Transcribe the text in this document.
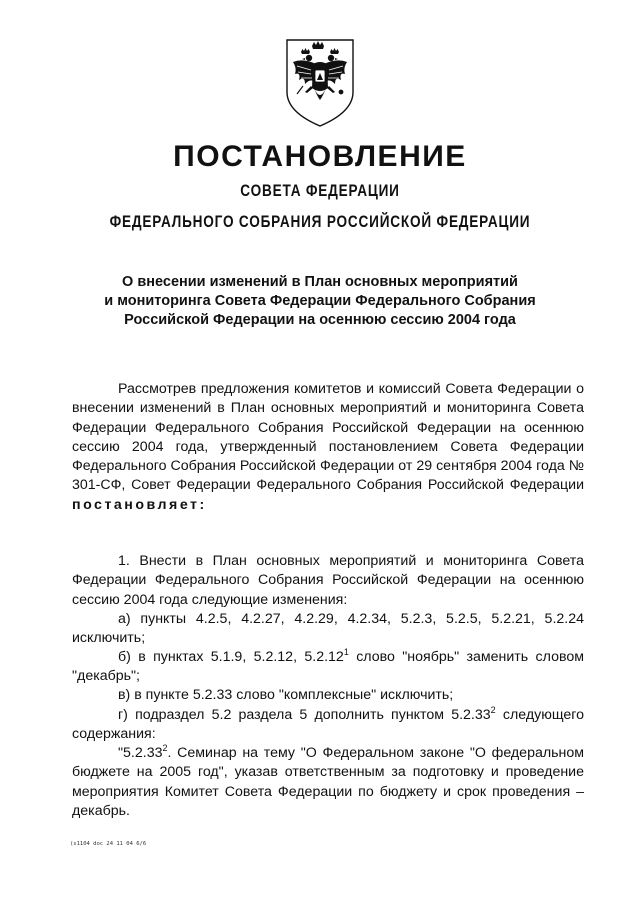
ПОСТАНОВЛЕНИЕ
СОВЕТА ФЕДЕРАЦИИ
ФЕДЕРАЛЬНОГО СОБРАНИЯ РОССИЙСКОЙ ФЕДЕРАЦИИ
О внесении изменений в План основных мероприятий
и мониторинга Совета Федерации Федерального Собрания
Российской Федерации на осеннюю сессию 2004 года

Рассмотрев предложения комитетов и комиссий Совета Федерации о внесении изменений в План основных мероприятий и мониторинга Совета Федерации Федерального Собрания Российской Федерации на осеннюю сессию 2004 года, утвержденный постановлением Совета Федерации Федерального Собрания Российской Федерации от 29 сентября 2004 года № 301-СФ, Совет Федерации Федерального Собрания Российской Федерации постановляет:

1. Внести в План основных мероприятий и мониторинга Совета Федерации Федерального Собрания Российской Федерации на осеннюю сессию 2004 года следующие изменения:

а) пункты 4.2.5, 4.2.27, 4.2.29, 4.2.34, 5.2.3, 5.2.5, 5.2.21, 5.2.24 исключить;

б) в пунктах 5.1.9, 5.2.12, 5.2.12$^1$ слово "ноябрь" заменить словом "декабрь";

в) в пункте 5.2.33 слово "комплексные" исключить;

г) подраздел 5.2 раздела 5 дополнить пунктом 5.2.33$^2$ следующего содержания:

"5.2.33$^2$. Семинар на тему "О Федеральном законе "О федеральном бюджете на 2005 год", указав ответственным за подготовку и проведение мероприятия Комитет Совета Федерации по бюджету и срок проведения – декабрь.

(s1104 doc 24 11 04 6/6
